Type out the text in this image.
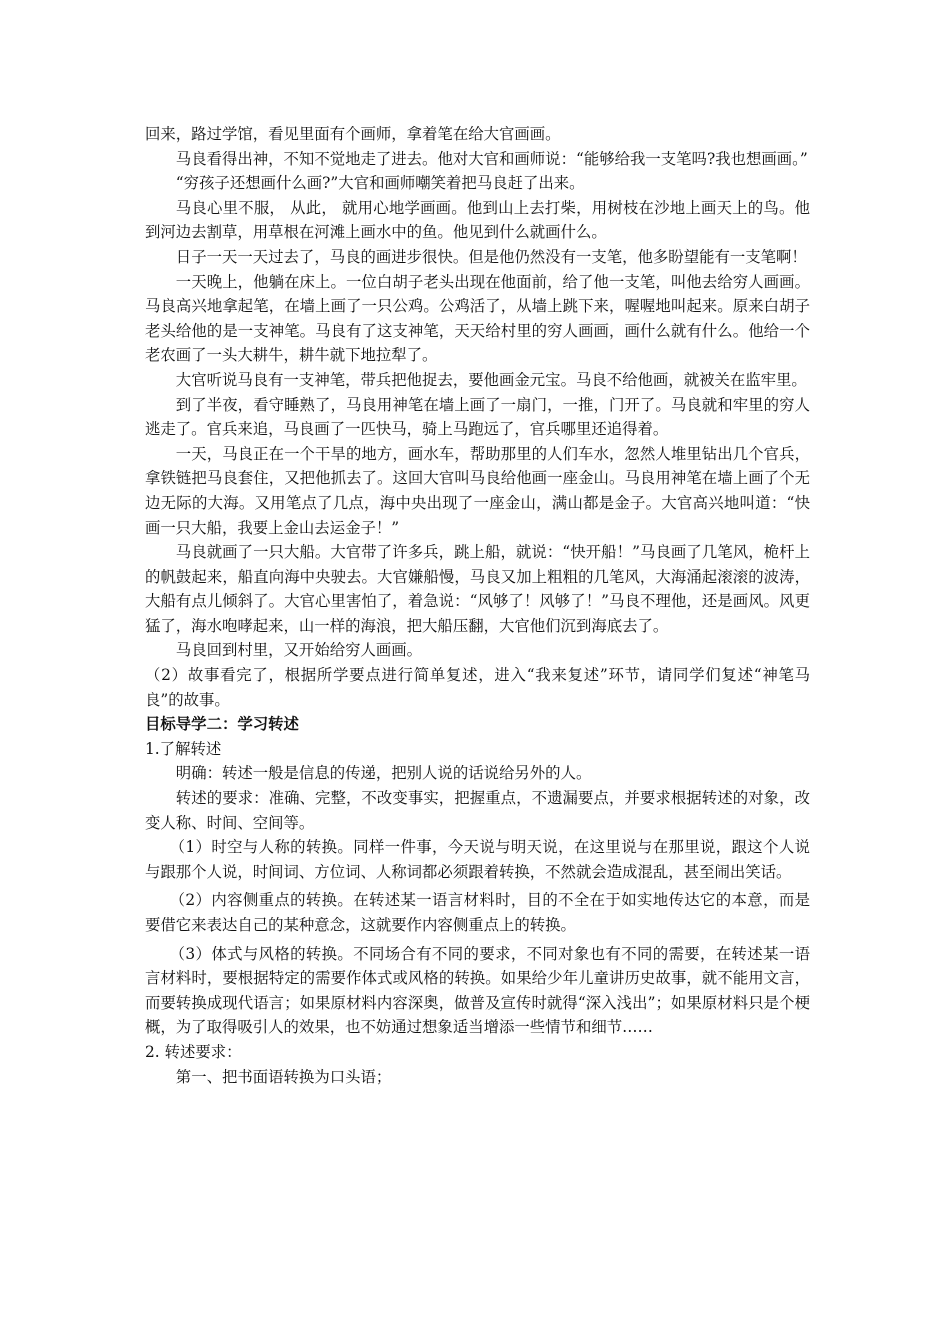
回来，路过学馆，看见里面有个画师，拿着笔在给大官画画。

马良看得出神，不知不觉地走了进去。他对大官和画师说：“能够给我一支笔吗?我也想画画。”

“穷孩子还想画什么画?”大官和画师嘲笑着把马良赶了出来。

马良心里不服， 从此， 就用心地学画画。他到山上去打柴，用树枝在沙地上画天上的鸟。他到河边去割草，用草根在河滩上画水中的鱼。他见到什么就画什么。

日子一天一天过去了，马良的画进步很快。但是他仍然没有一支笔，他多盼望能有一支笔啊！

一天晚上，他躺在床上。一位白胡子老头出现在他面前，给了他一支笔，叫他去给穷人画画。马良高兴地拿起笔，在墙上画了一只公鸡。公鸡活了，从墙上跳下来，喔喔地叫起来。原来白胡子老头给他的是一支神笔。马良有了这支神笔，天天给村里的穷人画画，画什么就有什么。他给一个老农画了一头大耕牛，耕牛就下地拉犁了。

大官听说马良有一支神笔，带兵把他捉去，要他画金元宝。马良不给他画，就被关在监牢里。

到了半夜，看守睡熟了，马良用神笔在墙上画了一扇门，一推，门开了。马良就和牢里的穷人逃走了。官兵来追，马良画了一匹快马，骑上马跑远了，官兵哪里还追得着。

一天，马良正在一个干旱的地方，画水车，帮助那里的人们车水，忽然人堆里钻出几个官兵，拿铁链把马良套住，又把他抓去了。这回大官叫马良给他画一座金山。马良用神笔在墙上画了个无边无际的大海。又用笔点了几点，海中央出现了一座金山，满山都是金子。大官高兴地叫道：“快画一只大船，我要上金山去运金子！”

马良就画了一只大船。大官带了许多兵，跳上船，就说：“快开船！”马良画了几笔风，桅杆上的帆鼓起来，船直向海中央驶去。大官嫌船慢，马良又加上粗粗的几笔风，大海涌起滚滚的波涛，大船有点儿倾斜了。大官心里害怕了，着急说：“风够了！风够了！”马良不理他，还是画风。风更猛了，海水咆哮起来，山一样的海浪，把大船压翻，大官他们沉到海底去了。

马良回到村里，又开始给穷人画画。

（2）故事看完了，根据所学要点进行简单复述，进入“我来复述”环节，请同学们复述“神笔马良”的故事。

目标导学二：学习转述

1.了解转述

明确：转述一般是信息的传递，把别人说的话说给另外的人。

转述的要求：准确、完整，不改变事实，把握重点，不遗漏要点，并要求根据转述的对象，改变人称、时间、空间等。

（1）时空与人称的转换。同样一件事，今天说与明天说，在这里说与在那里说，跟这个人说与跟那个人说，时间词、方位词、人称词都必须跟着转换，不然就会造成混乱，甚至闹出笑话。

（2）内容侧重点的转换。在转述某一语言材料时，目的不全在于如实地传达它的本意，而是要借它来表达自己的某种意念，这就要作内容侧重点上的转换。

（3）体式与风格的转换。不同场合有不同的要求，不同对象也有不同的需要，在转述某一语言材料时，要根据特定的需要作体式或风格的转换。如果给少年儿童讲历史故事，就不能用文言，而要转换成现代语言；如果原材料内容深奥，做普及宣传时就得“深入浅出”；如果原材料只是个梗概，为了取得吸引人的效果，也不妨通过想象适当增添一些情节和细节……

2. 转述要求：

第一、把书面语转换为口头语；
